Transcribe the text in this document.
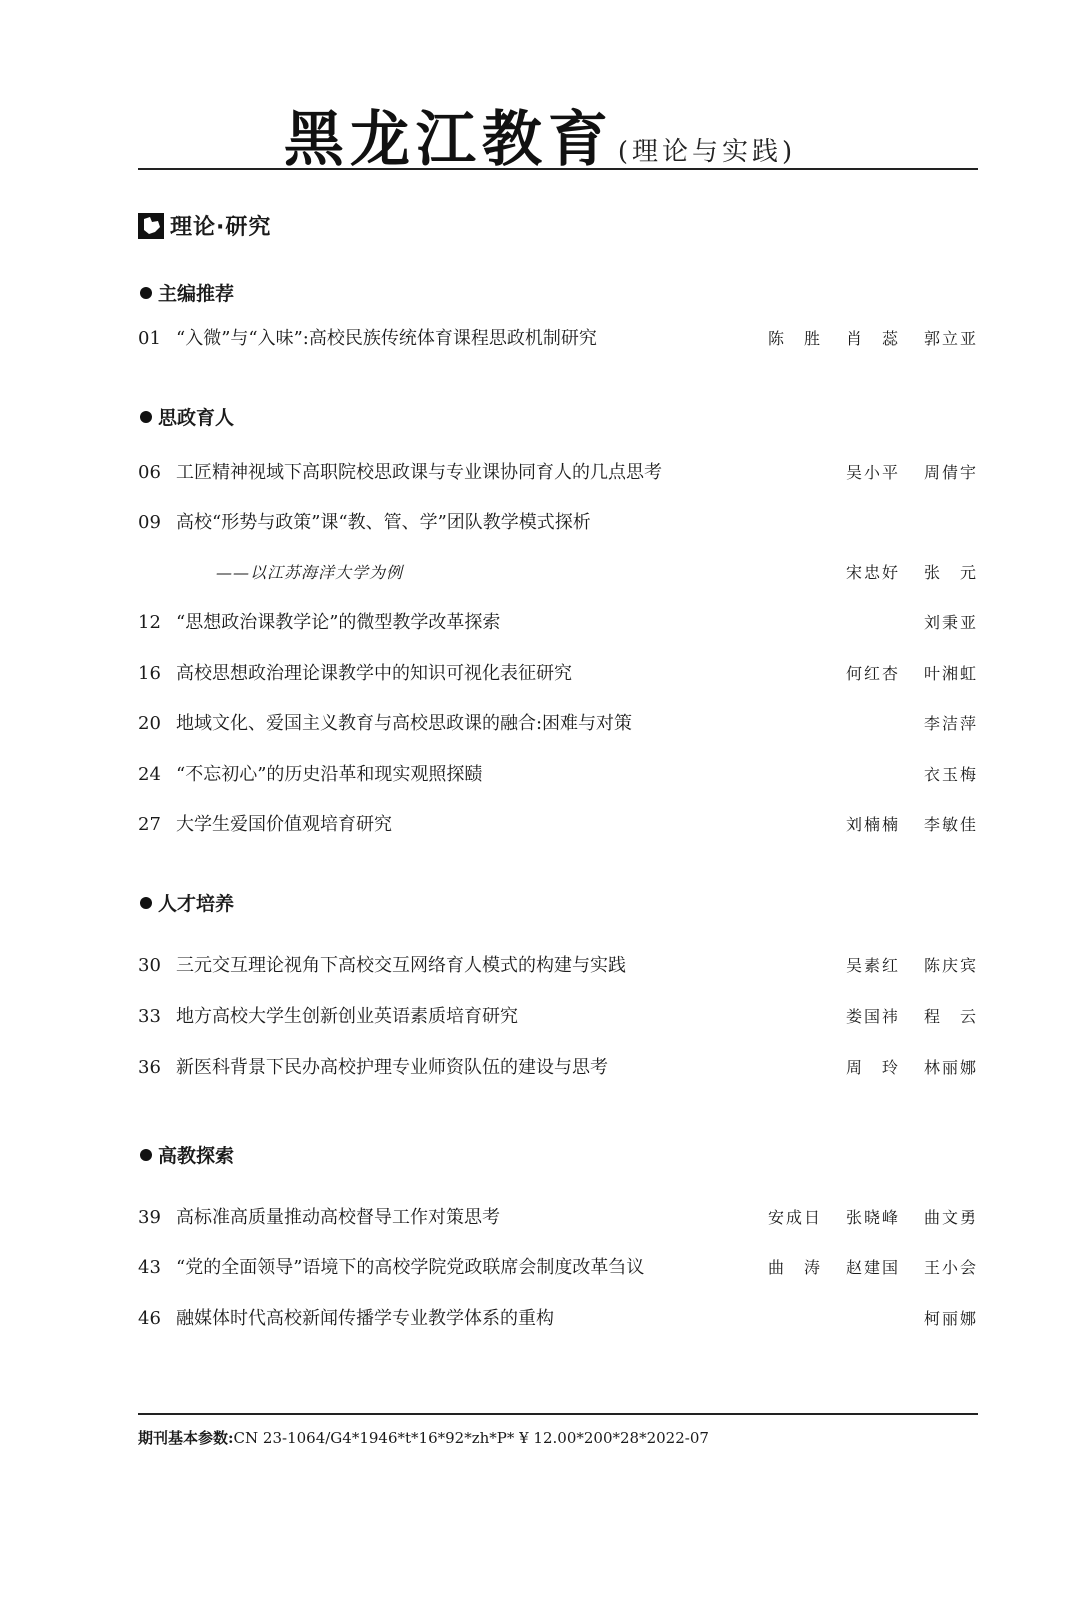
黑龙江教育 (理论与实践)
理论·研究
主编推荐
01 “入微”与“入味”:高校民族传统体育课程思政机制研究	陈　胜	肖　蕊	郭立亚
思政育人
06 工匠精神视域下高职院校思政课与专业课协同育人的几点思考	吴小平	周倩宇
09 高校“形势与政策”课“教、管、学”团队教学模式探析
——以江苏海洋大学为例	宋忠好	张　元
12 “思想政治课教学论”的微型教学改革探索	刘秉亚
16 高校思想政治理论课教学中的知识可视化表征研究	何红杏	叶湘虹
20 地域文化、爱国主义教育与高校思政课的融合:困难与对策	李洁萍
24 “不忘初心”的历史沿革和现实观照探赜	衣玉梅
27 大学生爱国价值观培育研究	刘楠楠	李敏佳
人才培养
30 三元交互理论视角下高校交互网络育人模式的构建与实践	吴素红	陈庆宾
33 地方高校大学生创新创业英语素质培育研究	娄国祎	程　云
36 新医科背景下民办高校护理专业师资队伍的建设与思考	周　玲	林丽娜
高教探索
39 高标准高质量推动高校督导工作对策思考	安成日	张晓峰	曲文勇
43 “党的全面领导”语境下的高校学院党政联席会制度改革刍议	曲　涛	赵建国	王小会
46 融媒体时代高校新闻传播学专业教学体系的重构	柯丽娜
期刊基本参数:CN 23-1064/G4*1946*t*16*92*zh*P* ¥ 12.00*200*28*2022-07
